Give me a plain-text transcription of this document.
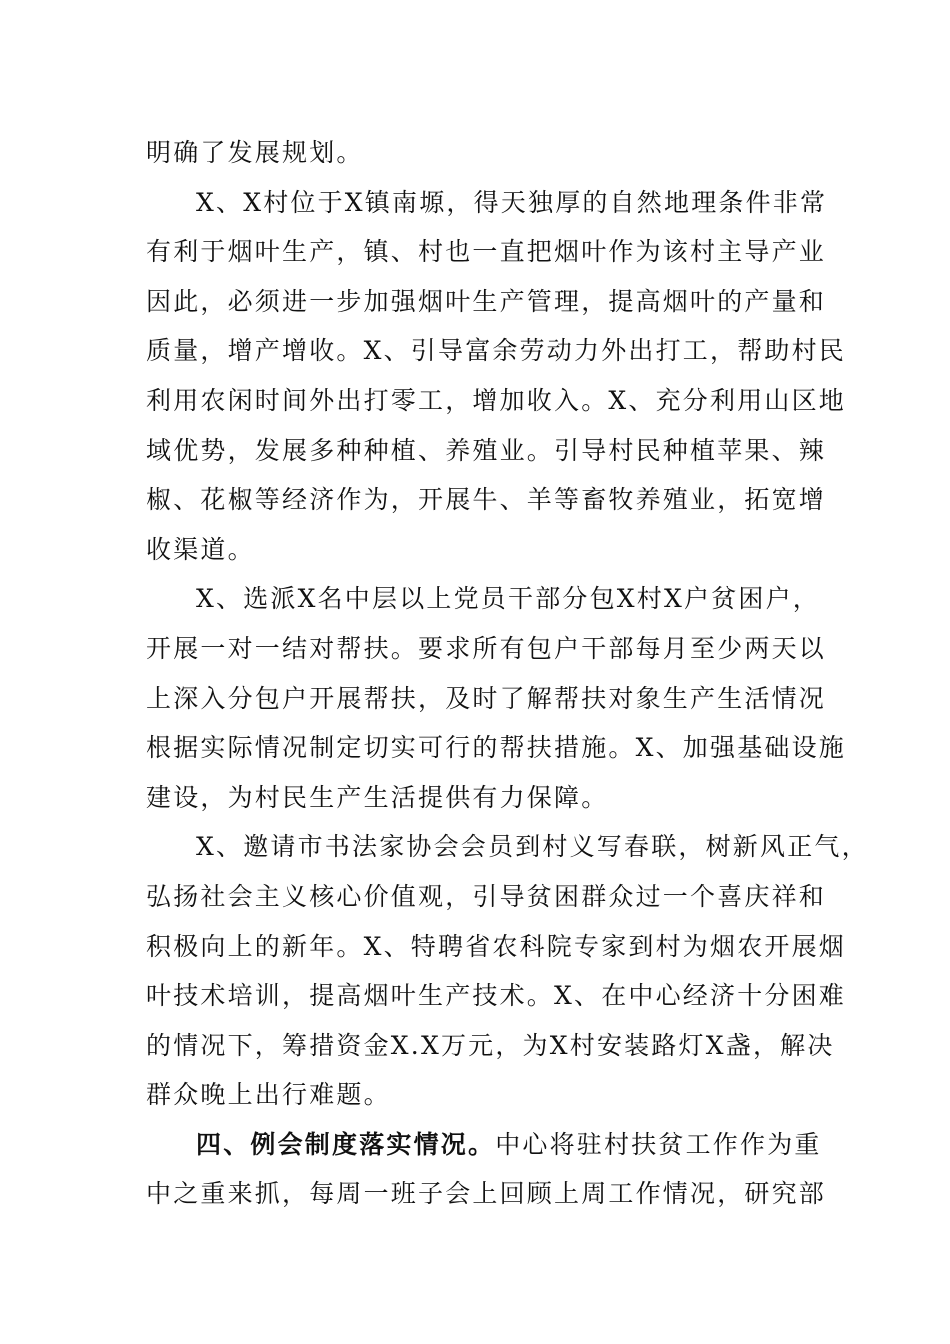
明确了发展规划。
X、X村位于X镇南塬，得天独厚的自然地理条件非常
有利于烟叶生产，镇、村也一直把烟叶作为该村主导产业
因此，必须进一步加强烟叶生产管理，提高烟叶的产量和
质量，增产增收。X、引导富余劳动力外出打工，帮助村民
利用农闲时间外出打零工，增加收入。X、充分利用山区地
域优势，发展多种种植、养殖业。引导村民种植苹果、辣
椒、花椒等经济作为，开展牛、羊等畜牧养殖业，拓宽增
收渠道。
X、选派X名中层以上党员干部分包X村X户贫困户，
开展一对一结对帮扶。要求所有包户干部每月至少两天以
上深入分包户开展帮扶，及时了解帮扶对象生产生活情况
根据实际情况制定切实可行的帮扶措施。X、加强基础设施
建设，为村民生产生活提供有力保障。
X、邀请市书法家协会会员到村义写春联，树新风正气，
弘扬社会主义核心价值观，引导贫困群众过一个喜庆祥和
积极向上的新年。X、特聘省农科院专家到村为烟农开展烟
叶技术培训，提高烟叶生产技术。X、在中心经济十分困难
的情况下，筹措资金X.X万元，为X村安装路灯X盏，解决
群众晚上出行难题。
四、例会制度落实情况。中心将驻村扶贫工作作为重
中之重来抓，每周一班子会上回顾上周工作情况，研究部
